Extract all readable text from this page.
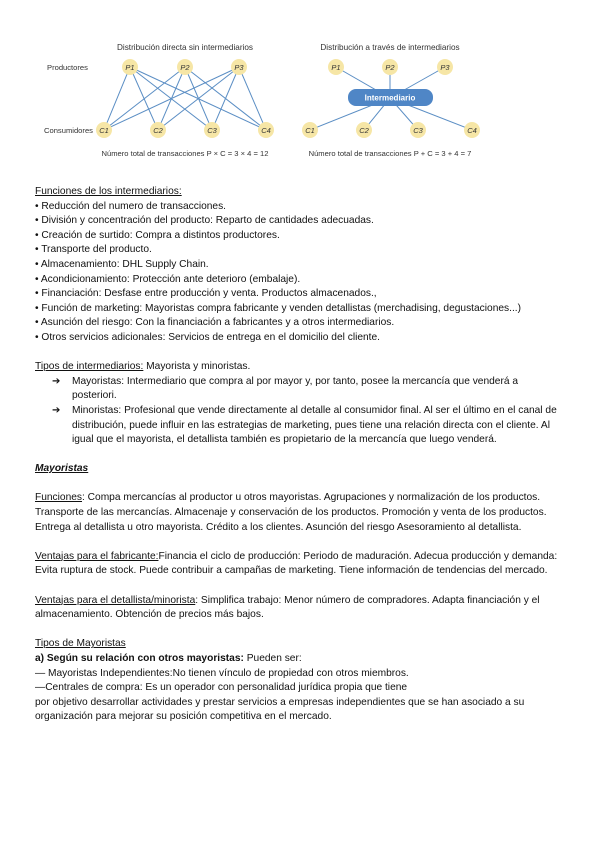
Distribución directa sin intermediarios	Distribución a través de intermediarios
Productores
Consumidores
P1	P2	P3
C1	C2	C3	C4
P1	P2	P3
Intermediario
C1	C2	C3	C4
Número total de transacciones P × C = 3 × 4 = 12	Número total de transacciones P + C = 3 + 4 = 7

Funciones de los intermediarios:

• Reducción del numero de transacciones.

• División y concentración del producto: Reparto de cantidades adecuadas.

• Creación de surtido: Compra a distintos productores.

• Transporte del producto.

• Almacenamiento: DHL Supply Chain.

• Acondicionamiento: Protección ante deterioro (embalaje).

• Financiación: Desfase entre producción y venta. Productos almacenados.,

• Función de marketing: Mayoristas compra fabricante y venden detallistas (merchadising, degustaciones...)

• Asunción del riesgo: Con la financiación a fabricantes y a otros intermediarios.

• Otros servicios adicionales: Servicios de entrega en el domicilio del cliente.

Tipos de intermediarios: Mayorista y minoristas.

➔ Mayoristas: Intermediario que compra al por mayor y, por tanto, posee la mercancía que venderá a posteriori.

➔ Minoristas: Profesional que vende directamente al detalle al consumidor final. Al ser el último en el canal de distribución, puede influir en las estrategias de marketing, pues tiene una relación directa con el cliente. Al igual que el mayorista, el detallista también es propietario de la mercancía que luego venderá.

Mayoristas

Funciones: Compa mercancías al productor u otros mayoristas. Agrupaciones y normalización de los productos. Transporte de las mercancías. Almacenaje y conservación de los productos. Promoción y venta de los productos. Entrega al detallista u otro mayorista. Crédito a los clientes. Asunción del riesgo Asesoramiento al detallista.

Ventajas para el fabricante:Financia el ciclo de producción: Periodo de maduración. Adecua producción y demanda: Evita ruptura de stock. Puede contribuir a campañas de marketing. Tiene información de tendencias del mercado.

Ventajas para el detallista/minorista: Simplifica trabajo: Menor número de compradores. Adapta financiación y el almacenamiento. Obtención de precios más bajos.

Tipos de Mayoristas

a) Según su relación con otros mayoristas: Pueden ser:

— Mayoristas Independientes:No tienen vínculo de propiedad con otros miembros.

—Centrales de compra: Es un operador con personalidad jurídica propia que tiene

por objetivo desarrollar actividades y prestar servicios a empresas independientes que se han asociado a su organización para mejorar su posición competitiva en el mercado.
